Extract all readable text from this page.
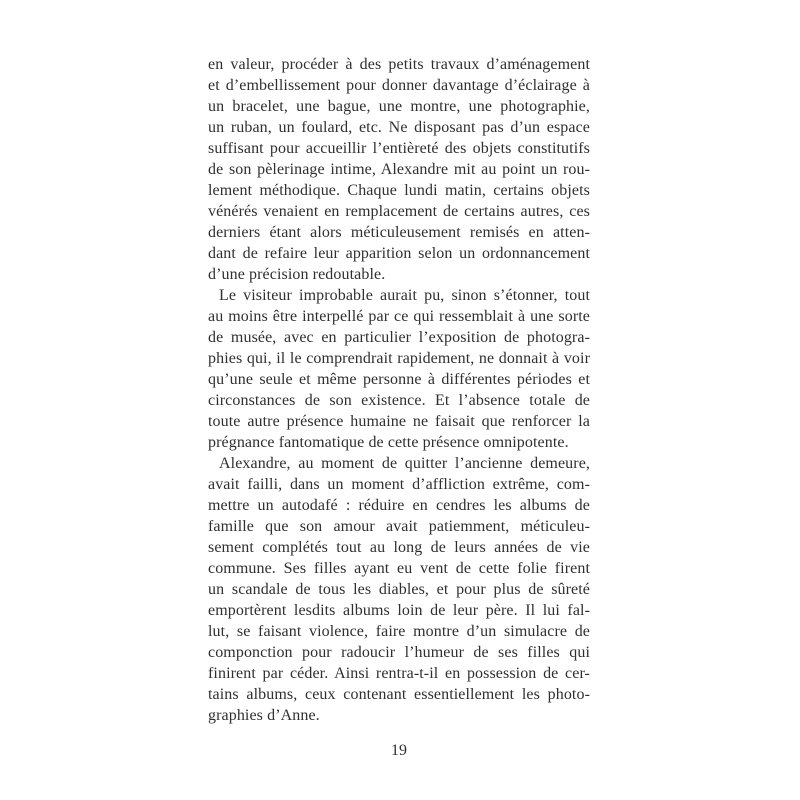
en valeur, procéder à des petits travaux d’aménagement
et d’embellissement pour donner davantage d’éclairage à
un bracelet, une bague, une montre, une photographie,
un ruban, un foulard, etc. Ne disposant pas d’un espace
suffisant pour accueillir l’entièreté des objets constitutifs
de son pèlerinage intime, Alexandre mit au point un rou-
lement méthodique. Chaque lundi matin, certains objets
vénérés venaient en remplacement de certains autres, ces
derniers étant alors méticuleusement remisés en atten-
dant de refaire leur apparition selon un ordonnancement
d’une précision redoutable.
Le visiteur improbable aurait pu, sinon s’étonner, tout
au moins être interpellé par ce qui ressemblait à une sorte
de musée, avec en particulier l’exposition de photogra-
phies qui, il le comprendrait rapidement, ne donnait à voir
qu’une seule et même personne à différentes périodes et
circonstances de son existence. Et l’absence totale de
toute autre présence humaine ne faisait que renforcer la
prégnance fantomatique de cette présence omnipotente.
Alexandre, au moment de quitter l’ancienne demeure,
avait failli, dans un moment d’affliction extrême, com-
mettre un autodafé : réduire en cendres les albums de
famille que son amour avait patiemment, méticuleu-
sement complétés tout au long de leurs années de vie
commune. Ses filles ayant eu vent de cette folie firent
un scandale de tous les diables, et pour plus de sûreté
emportèrent lesdits albums loin de leur père. Il lui fal-
lut, se faisant violence, faire montre d’un simulacre de
componction pour radoucir l’humeur de ses filles qui
finirent par céder. Ainsi rentra-t-il en possession de cer-
tains albums, ceux contenant essentiellement les photo-
graphies d’Anne.
19
